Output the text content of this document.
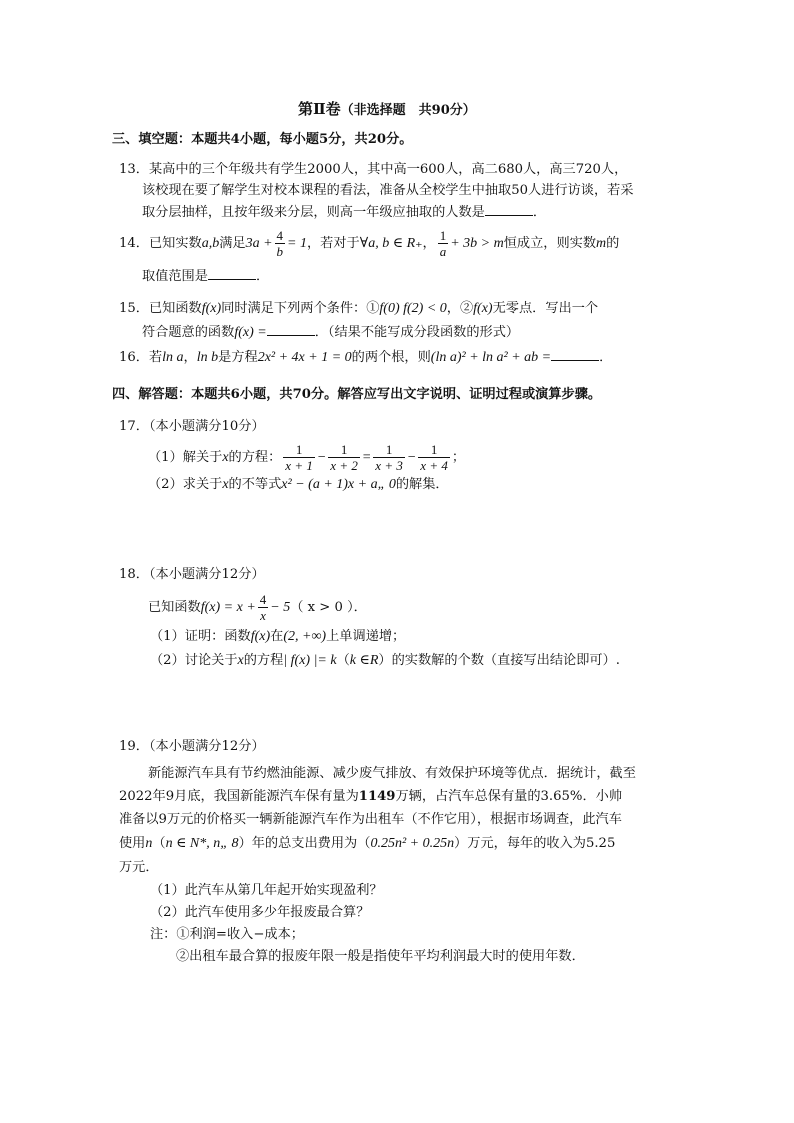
第Ⅱ卷（非选择题　共90分）
三、填空题：本题共4小题，每小题5分，共20分。
13．某高中的三个年级共有学生2000人，其中高一600人，高二680人，高三720人，
该校现在要了解学生对校本课程的看法，准备从全校学生中抽取50人进行访谈，若采
取分层抽样，且按年级来分层，则高一年级应抽取的人数是	．
14．已知实数a,b满足$3a + \frac{4}{b} = 1$，若对于∀a, b ∈ R₊， $\frac{1}{a} + 3b > m$恒成立，则实数m的
取值范围是	．
15．已知函数f(x)同时满足下列两个条件：①f(0) f(2) < 0，②f(x)无零点．写出一个
符合题意的函数f(x) =	．（结果不能写成分段函数的形式）
16．若ln a，ln b是方程2x² + 4x + 1 = 0的两个根，则(ln a)² + ln a² + ab =	．
四、解答题：本题共6小题，共70分。解答应写出文字说明、证明过程或演算步骤。
17．（本小题满分10分）
（1）解关于x的方程： $\frac{1}{x + 1} - \frac{1}{x + 2} = \frac{1}{x + 3} - \frac{1}{x + 4}$ ；
（2）求关于x的不等式x² − (a + 1)x + a„ 0的解集．
18．（本小题满分12分）
已知函数$f(x) = x + \frac{4}{x} - 5$（ x > 0 ）．
（1）证明：函数f(x)在(2, +∞)上单调递增；
（2）讨论关于x的方程| f(x) |= k（k ∈R）的实数解的个数（直接写出结论即可）.
19．（本小题满分12分）
新能源汽车具有节约燃油能源、减少废气排放、有效保护环境等优点．据统计，截至
2022年9月底，我国新能源汽车保有量为1149万辆，占汽车总保有量的3.65%．小帅
准备以9万元的价格买一辆新能源汽车作为出租车（不作它用），根据市场调查，此汽车
使用n（n ∈ N*, n„ 8）年的总支出费用为（0.25n² + 0.25n）万元，每年的收入为5.25
万元．
（1）此汽车从第几年起开始实现盈利？
（2）此汽车使用多少年报废最合算？
注：①利润=收入−成本；
②出租车最合算的报废年限一般是指使年平均利润最大时的使用年数．
